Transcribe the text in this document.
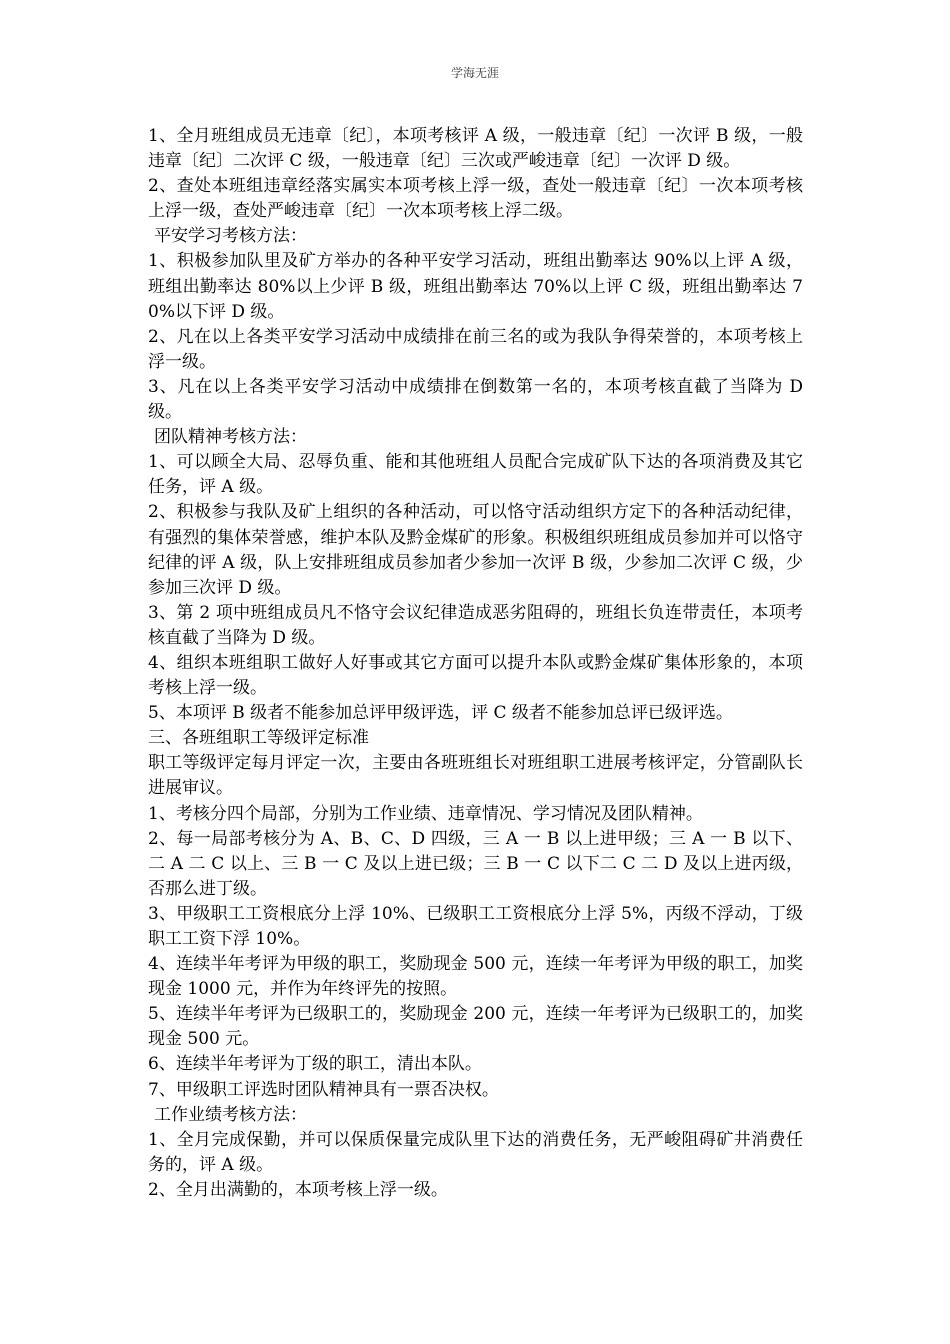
学海无涯

1、全月班组成员无违章〔纪〕，本项考核评 A 级，一般违章〔纪〕一次评 B 级，一般违章〔纪〕二次评 C 级，一般违章〔纪〕三次或严峻违章〔纪〕一次评 D 级。

2、查处本班组违章经落实属实本项考核上浮一级，查处一般违章〔纪〕一次本项考核上浮一级，查处严峻违章〔纪〕一次本项考核上浮二级。

平安学习考核方法：

1、积极参加队里及矿方举办的各种平安学习活动，班组出勤率达 90%以上评 A 级，班组出勤率达 80%以上少评 B 级，班组出勤率达 70%以上评 C 级，班组出勤率达 70%以下评 D 级。

2、凡在以上各类平安学习活动中成绩排在前三名的或为我队争得荣誉的，本项考核上浮一级。

3、凡在以上各类平安学习活动中成绩排在倒数第一名的，本项考核直截了当降为 D 级。

团队精神考核方法：

1、可以顾全大局、忍辱负重、能和其他班组人员配合完成矿队下达的各项消费及其它任务，评 A 级。

2、积极参与我队及矿上组织的各种活动，可以恪守活动组织方定下的各种活动纪律，有强烈的集体荣誉感，维护本队及黔金煤矿的形象。积极组织班组成员参加并可以恪守纪律的评 A 级，队上安排班组成员参加者少参加一次评 B 级，少参加二次评 C 级，少参加三次评 D 级。

3、第 2 项中班组成员凡不恪守会议纪律造成恶劣阻碍的，班组长负连带责任，本项考核直截了当降为 D 级。

4、组织本班组职工做好人好事或其它方面可以提升本队或黔金煤矿集体形象的，本项考核上浮一级。

5、本项评 B 级者不能参加总评甲级评选，评 C 级者不能参加总评已级评选。

三、各班组职工等级评定标准

职工等级评定每月评定一次，主要由各班班组长对班组职工进展考核评定，分管副队长进展审议。

1、考核分四个局部，分别为工作业绩、违章情况、学习情况及团队精神。

2、每一局部考核分为 A、B、C、D 四级，三 A 一 B 以上进甲级；三 A 一 B 以下、二 A 二 C 以上、三 B 一 C 及以上进已级；三 B 一 C 以下二 C 二 D 及以上进丙级，否那么进丁级。

3、甲级职工工资根底分上浮 10%、已级职工工资根底分上浮 5%，丙级不浮动，丁级职工工资下浮 10%。

4、连续半年考评为甲级的职工，奖励现金 500 元，连续一年考评为甲级的职工，加奖现金 1000 元，并作为年终评先的按照。

5、连续半年考评为已级职工的，奖励现金 200 元，连续一年考评为已级职工的，加奖现金 500 元。

6、连续半年考评为丁级的职工，清出本队。

7、甲级职工评选时团队精神具有一票否决权。

工作业绩考核方法：

1、全月完成保勤，并可以保质保量完成队里下达的消费任务，无严峻阻碍矿井消费任务的，评 A 级。

2、全月出满勤的，本项考核上浮一级。
